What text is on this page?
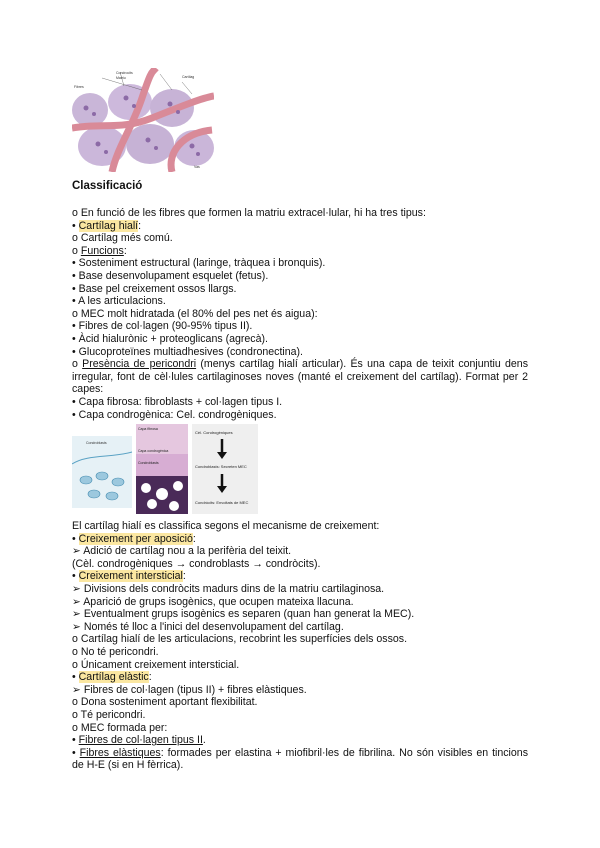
Condrocits
Matriu	Cartílag
Fibres
Vas
Classificació
o En funció de les fibres que formen la matriu extracel·lular, hi ha tres tipus:
• Cartílag hialí:
o Cartílag més comú.
o Funcions:
• Sosteniment estructural (laringe, tràquea i bronquis).
• Base desenvolupament esquelet (fetus).
• Base pel creixement ossos llargs.
• A les articulacions.
o MEC molt hidratada (el 80% del pes net és aigua):
• Fibres de col·lagen (90-95% tipus II).
• Àcid hialurònic + proteoglicans (agrecà).
• Glucoproteïnes multiadhesives (condronectina).
o Presència de pericondri (menys cartílag hialí articular). És una capa de teixit conjuntiu dens irregular, font de cèl·lules cartilaginoses noves (manté el creixement del cartílag). Format per 2 capes:
• Capa fibrosa: fibroblasts + col·lagen tipus I.
• Capa condrogènica: Cel. condrogèniques.
El cartílag hialí es classifica segons el mecanisme de creixement:
• Creixement per aposició:
➢ Adició de cartílag nou a la perifèria del teixit.
(Cèl. condrogèniques → condroblasts → condròcits).
• Creixement intersticial:
➢ Divisions dels condròcits madurs dins de la matriu cartilaginosa.
➢ Aparició de grups isogènics, que ocupen mateixa llacuna.
➢ Eventualment grups isogènics es separen (quan han generat la MEC).
➢ Només té lloc a l'inici del desenvolupament del cartílag.
o Cartílag hialí de les articulacions, recobrint les superfícies dels ossos.
o No té pericondri.
o Únicament creixement intersticial.
• Cartílag elàstic:
➢ Fibres de col·lagen (tipus II) + fibres elàstiques.
o Dona sosteniment aportant flexibilitat.
o Té pericondri.
o MEC formada per:
• Fibres de col·lagen tipus II.
• Fibres elàstiques: formades per elastina + miofibril·les de fibrilina. No són visibles en tincions de H-E (si en H fèrrica).
Condroblasts
Capa fibrosa
Capa condrogènica
Condroblasts
Cèl. Condrogèniques
Condroblasts: Secreten MEC
Condròcits: Envoltats de MEC
